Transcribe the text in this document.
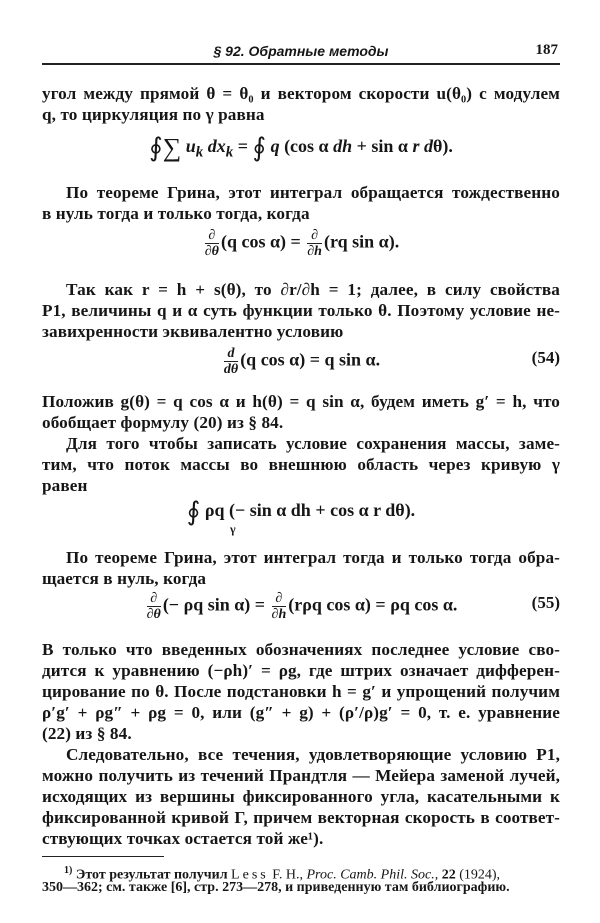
§ 92. Обратные методы	187
угол между прямой θ = θ₀ и вектором скорости u(θ₀) с модулем
q, то циркуляция по γ равна
∮∑ $u_k$ $dx_k$ = ∮ q (cos α dh + sin α r dθ).
По теореме Грина, этот интеграл обращается тождественно
в нуль тогда и только тогда, когда
$\frac{\partial}{\partial\theta} (q$ $\cos \alpha) = \frac{\partial}{\partial h} (rq$ sin α).
Так как r = h + s(θ), то ∂r/∂h = 1; далее, в силу свойства
P1, величины q и α суть функции только θ. Поэтому условие не-
завихренности эквивалентно условию
$\frac{d}{d\theta} (q$ cos α) = q sin α.	(54)
Положив g(θ) = q cos α и h(θ) = q sin α, будем иметь g′ = h, что
обобщает формулу (20) из § 84.
Для того чтобы записать условие сохранения массы, заме-
тим, что поток массы во внешнюю область через кривую γ
равен
∮ ρq (− sin α dh + cos α r dθ).
γ
По теореме Грина, этот интеграл тогда и только тогда обра-
щается в нуль, когда
$\frac{\partial}{\partial\theta}$ (− ρq $\sin \alpha) = \frac{\partial}{\partial h} (r\rho q$ cos α) = ρq cos α.	(55)
В только что введенных обозначениях последнее условие сво-
дится к уравнению (−ρh)′ = ρg, где штрих означает дифферен-
цирование по θ. После подстановки h = g′ и упрощений получим
ρ′g′ + ρg″ + ρg = 0, или (g″ + g) + (ρ′/ρ)g′ = 0, т. е. уравнение
(22) из § 84.
Следовательно, все течения, удовлетворяющие условию P1,
можно получить из течений Прандтля — Мейера заменой лучей,
исходящих из вершины фиксированного угла, касательными к
фиксированной кривой Г, причем векторная скорость в соответ-
ствующих точках остается той же¹).
$^{1)}$ Этот результат получил Less F. H., Proc. Camb. Phil. Soc., 22 (1924),
350—362; см. также [6], стр. 273—278, и приведенную там библиографию.
